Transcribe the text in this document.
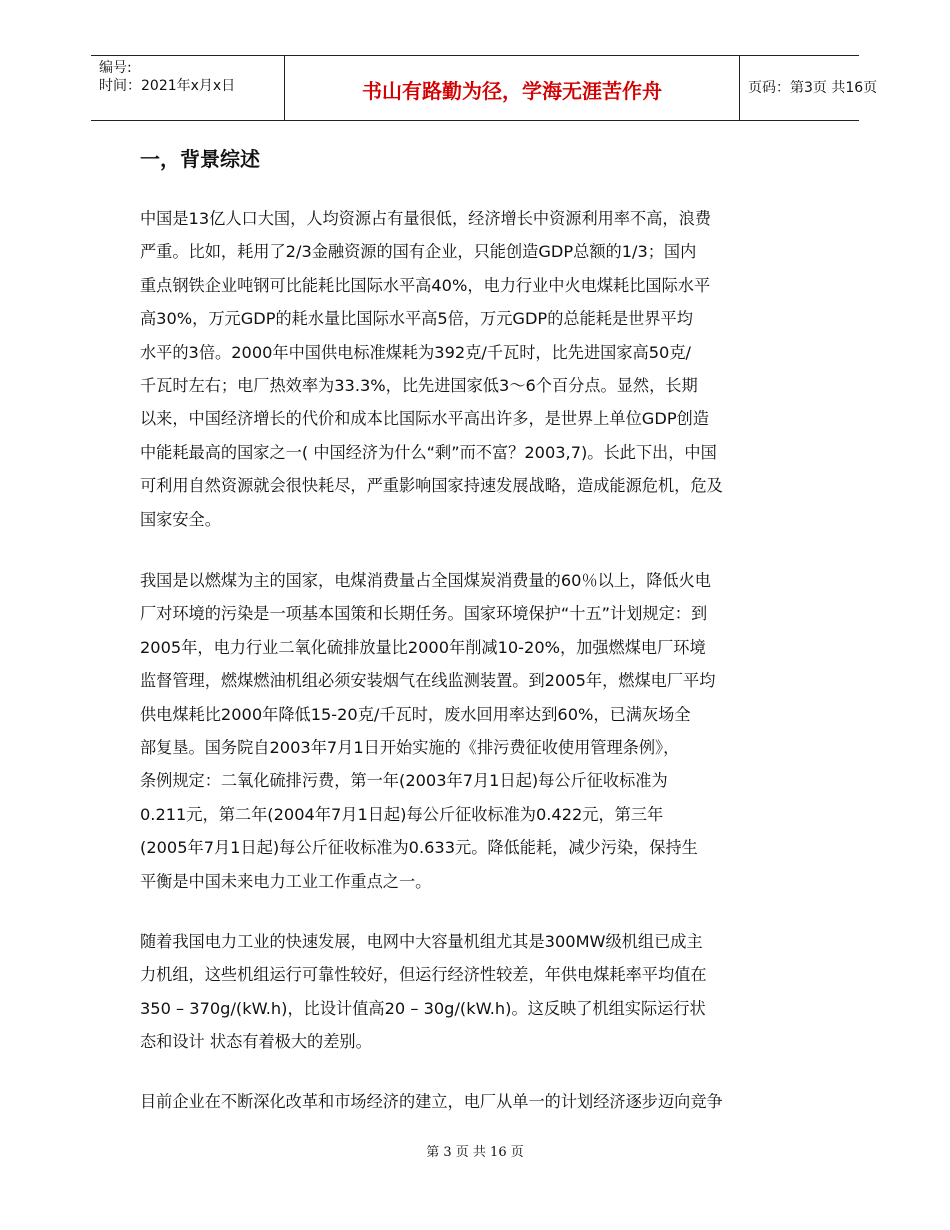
编号:
时间：2021年x月x日	书山有路勤为径，学海无涯苦作舟	页码：第3页 共16页
一，背景综述
中国是13亿人口大国，人均资源占有量很低，经济增长中资源利用率不高，浪费
严重。比如，耗用了2/3金融资源的国有企业，只能创造GDP总额的1/3；国内
重点钢铁企业吨钢可比能耗比国际水平高40%，电力行业中火电煤耗比国际水平
高30%，万元GDP的耗水量比国际水平高5倍，万元GDP的总能耗是世界平均
水平的3倍。2000年中国供电标准煤耗为392克/千瓦时，比先进国家高50克/
千瓦时左右；电厂热效率为33.3%，比先进国家低3～6个百分点。显然，长期
以来，中国经济增长的代价和成本比国际水平高出许多，是世界上单位GDP创造
中能耗最高的国家之一( 中国经济为什么“剩”而不富？2003,7)。长此下出，中国
可利用自然资源就会很快耗尽，严重影响国家持速发展战略，造成能源危机，危及
国家安全。
我国是以燃煤为主的国家，电煤消费量占全国煤炭消费量的60％以上，降低火电
厂对环境的污染是一项基本国策和长期任务。国家环境保护“十五”计划规定：到
2005年，电力行业二氧化硫排放量比2000年削减10-20%，加强燃煤电厂环境
监督管理，燃煤燃油机组必须安装烟气在线监测装置。到2005年，燃煤电厂平均
供电煤耗比2000年降低15-20克/千瓦时，废水回用率达到60%，已满灰场全
部复垦。国务院自2003年7月1日开始实施的《排污费征收使用管理条例》，
条例规定：二氧化硫排污费，第一年(2003年7月1日起)每公斤征收标准为
0.211元，第二年(2004年7月1日起)每公斤征收标准为0.422元，第三年
(2005年7月1日起)每公斤征收标准为0.633元。降低能耗，减少污染，保持生
平衡是中国未来电力工业工作重点之一。
随着我国电力工业的快速发展，电网中大容量机组尤其是300MW级机组已成主
力机组，这些机组运行可靠性较好，但运行经济性较差，年供电煤耗率平均值在
350 – 370g/(kW.h)，比设计值高20 – 30g/(kW.h)。这反映了机组实际运行状
态和设计 状态有着极大的差别。
目前企业在不断深化改革和市场经济的建立，电厂从单一的计划经济逐步迈向竞争
第 3 页 共 16 页
